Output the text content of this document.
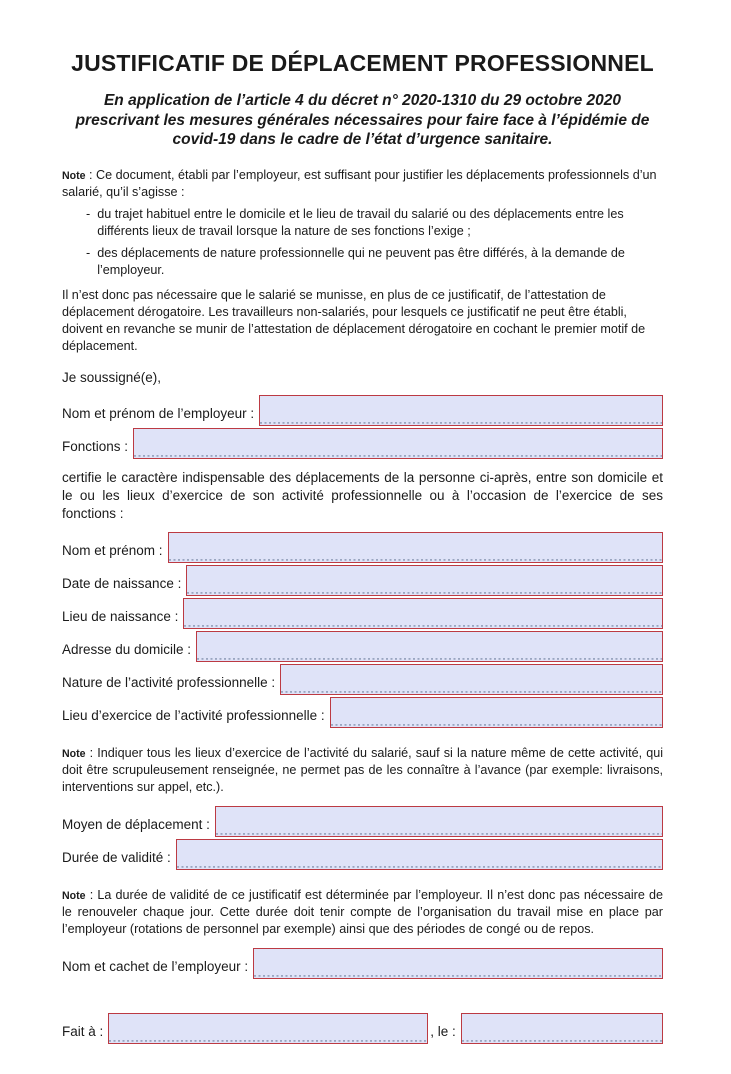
JUSTIFICATIF DE DÉPLACEMENT PROFESSIONNEL
En application de l’article 4 du décret n° 2020-1310 du 29 octobre 2020 prescrivant les mesures générales nécessaires pour faire face à l’épidémie de covid-19 dans le cadre de l’état d’urgence sanitaire.
Note : Ce document, établi par l’employeur, est suffisant pour justifier les déplacements professionnels d’un salarié, qu’il s’agisse :
- du trajet habituel entre le domicile et le lieu de travail du salarié ou des déplacements entre les différents lieux de travail lorsque la nature de ses fonctions l’exige ;
- des déplacements de nature professionnelle qui ne peuvent pas être différés, à la demande de l’employeur.
Il n’est donc pas nécessaire que le salarié se munisse, en plus de ce justificatif, de l’attestation de déplacement dérogatoire. Les travailleurs non-salariés, pour lesquels ce justificatif ne peut être établi, doivent en revanche se munir de l’attestation de déplacement dérogatoire en cochant le premier motif de déplacement.
Je soussigné(e),
Nom et prénom de l’employeur :
Fonctions :
certifie le caractère indispensable des déplacements de la personne ci-après, entre son domicile et le ou les lieux d’exercice de son activité professionnelle ou à l’occasion de l’exercice de ses fonctions :
Nom et prénom :
Date de naissance :
Lieu de naissance :
Adresse du domicile :
Nature de l’activité professionnelle :
Lieu d’exercice de l’activité professionnelle :
Note : Indiquer tous les lieux d’exercice de l’activité du salarié, sauf si la nature même de cette activité, qui doit être scrupuleusement renseignée, ne permet pas de les connaître à l’avance (par exemple: livraisons, interventions sur appel, etc.).
Moyen de déplacement :
Durée de validité :
Note : La durée de validité de ce justificatif est déterminée par l’employeur. Il n’est donc pas nécessaire de le renouveler chaque jour. Cette durée doit tenir compte de l’organisation du travail mise en place par l’employeur (rotations de personnel par exemple) ainsi que des périodes de congé ou de repos.
Nom et cachet de l’employeur :
Fait à :	, le :
